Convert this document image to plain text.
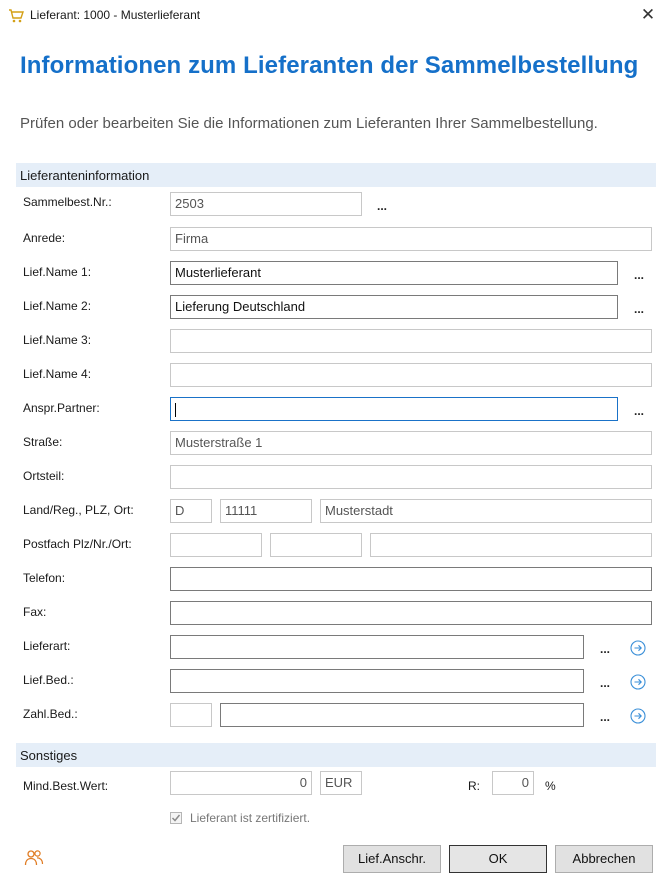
Lieferant: 1000 - Musterlieferant	✕
Informationen zum Lieferanten der Sammelbestellung
Prüfen oder bearbeiten Sie die Informationen zum Lieferanten Ihrer Sammelbestellung.
Lieferanteninformation
Sammelbest.Nr.:	2503	...
Anrede:	Firma
Lief.Name 1:	Musterlieferant	...
Lief.Name 2:	Lieferung Deutschland	...
Lief.Name 3:
Lief.Name 4:
Anspr.Partner:	...
Straße:	Musterstraße 1
Ortsteil:
Land/Reg., PLZ, Ort:	D	11111	Musterstadt
Postfach Plz/Nr./Ort:
Telefon:
Fax:
Lieferart:	...
Lief.Bed.:	...
Zahl.Bed.:	...
Sonstiges
Mind.Best.Wert:	0	EUR	R:	0	%
Lieferant ist zertifiziert.
Lief.Anschr.	OK	Abbrechen
